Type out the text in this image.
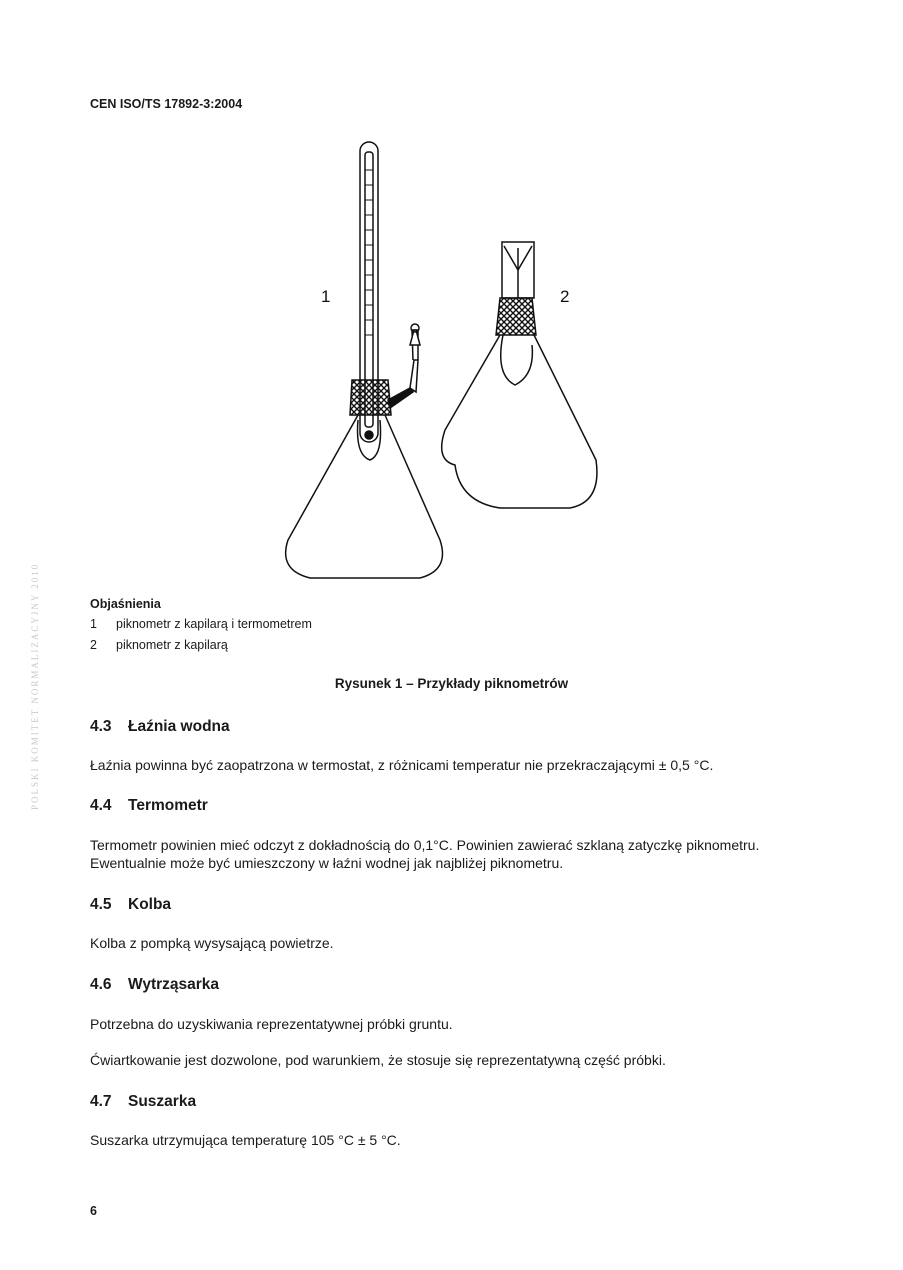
CEN ISO/TS 17892-3:2004
1	2
Objaśnienia
1 piknometr z kapilarą i termometrem
2 piknometr z kapilarą
Rysunek 1 – Przykłady piknometrów
4.3 Łaźnia wodna
Łaźnia powinna być zaopatrzona w termostat, z różnicami temperatur nie przekraczającymi ± 0,5 °C.
4.4 Termometr
Termometr powinien mieć odczyt z dokładnością do 0,1°C. Powinien zawierać szklaną zatyczkę piknometru. Ewentualnie może być umieszczony w łaźni wodnej jak najbliżej piknometru.
4.5 Kolba
Kolba z pompką wysysającą powietrze.
4.6 Wytrząsarka
Potrzebna do uzyskiwania reprezentatywnej próbki gruntu.
Ćwiartkowanie jest dozwolone, pod warunkiem, że stosuje się reprezentatywną część próbki.
4.7 Suszarka
Suszarka utrzymująca temperaturę 105 °C ± 5 °C.
POLSKI KOMITET NORMALIZACYJNY 2010
6
